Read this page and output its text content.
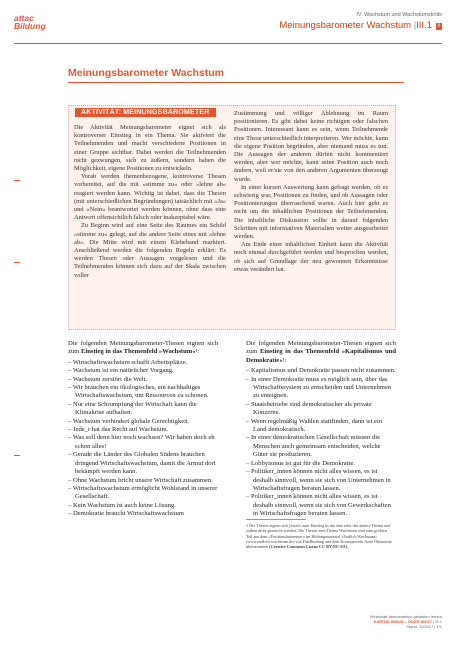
attac
Bildung
IV. Wachstum und Wachstumskritik
Meinungsbarometer Wachstum |III.1 i
Meinungsbarometer Wachstum
AKTIVITÄT: MEINUNGSBAROMETER

Die Aktivität Meinungsbarometer eignet sich als kontroverser Einstieg in ein Thema. Sie aktiviert die Teilnehmenden und macht verschiedene Positionen in einer Gruppe sichtbar. Dabei werden die Teilnehmenden nicht gezwungen, sich zu äußern, sondern haben die Möglichkeit, eigene Positionen zu entwickeln.

Vorab werden themenbezogene, kontroverse Thesen vorbereitet, auf die mit »stimme zu« oder »lehne ab« reagiert werden kann. Wichtig ist dabei, dass die Thesen (mit unterschiedlichen Begründungen) tatsächlich mit »Ja« und »Nein« beantwortet werden können, ohne dass eine Antwort offensichtlich falsch oder inakzeptabel wäre.

Zu Beginn wird auf eine Seite des Raumes ein Schild »stimme zu« gelegt, auf die andere Seite eines mit »lehne ab«. Die Mitte wird mit einem Klebeband markiert. Anschließend werden die folgenden Regeln erklärt: Es werden Thesen oder Aussagen vorgelesen und die Teilnehmenden können sich dazu auf der Skala zwischen voller

Zustimmung und völliger Ablehnung im Raum positionieren. Es gibt dabei keine richtigen oder falschen Positionen. Interessant kann es sein, wenn Teilnehmende eine These unterschiedlich interpretieren. Wer möchte, kann die eigene Position begründen, aber niemand muss es tun. Die Aussagen der anderen dürfen nicht kommentiert werden, aber wer möchte, kann seine Position auch noch ändern, weil er/sie von den anderen Argumenten überzeugt wurde.

In einer kurzen Auswertung kann gefragt werden, ob es schwierig war, Positionen zu finden, und ob Aussagen oder Positionierungen überraschend waren. Auch hier geht es nicht um die inhaltlichen Positionen der Teilnehmenden. Die inhaltliche Diskussion sollte in darauf folgenden Schritten mit informativen Materialien weiter ausgearbeitet werden.

Am Ende einer inhaltlichen Einheit kann die Aktivität noch einmal durchgeführt werden und besprochen werden, ob sich auf Grundlage der neu gewonnen Erkenntnisse etwas verändert hat.

Die folgenden Meinungsbarometer-Thesen eignen sich zum Einstieg in das Themenfeld »Wachstum«¹:

– Wirtschaftswachstum schafft Arbeitsplätze.
– Wachstum ist ein natürlicher Vorgang.
– Wachstum zerstört die Welt.
– Wir brauchen ein ökologisches, ein nachhaltiges Wirtschaftswachstum, um Ressourcen zu schonen.
– Nur eine Schrumpfung der Wirtschaft kann die Klimakrise aufhalten.
– Wachstum verhindert globale Gerechtigkeit.
– Jede_r hat das Recht auf Wachstum.
– Was soll denn hier noch wachsen? Wir haben doch eh schon alles!
– Gerade die Länder des Globalen Südens brauchen dringend Wirtschaftswachstum, damit die Armut dort bekämpft werden kann.
– Ohne Wachstum bricht unsere Wirtschaft zusammen.
– Wirtschaftswachstum ermöglicht Wohlstand in unserer Gesellschaft.
– Kein Wachstum ist auch keine Lösung.
– Demokratie braucht Wirtschaftswachstum

Die folgenden Meinungsbarometer-Thesen eignen sich zum Einstieg in das Themenfeld »Kapitalismus und Demokratie«¹:

– Kapitalismus und Demokratie passen nicht zusammen.
– In einer Demokratie muss es möglich sein, über das Wirtschaftssystem zu entscheiden und Unternehmen zu enteignen.
– Staatsbetriebe sind demokratischer als private Konzerne.
– Wenn regelmäßig Wahlen stattfinden, dann ist ein Land demokratisch.
– In einer demokratischen Gesellschaft müssen die Menschen auch gemeinsam entscheiden, welche Güter sie produzieren.
– Lobbyismus ist gut für die Demokratie.
– Politiker_innen können nicht alles wissen, es ist deshalb sinnvoll, wenn sie sich von Unternehmen in Wirtschaftsfragen beraten lassen.
– Politiker_innen können nicht alles wissen, es ist deshalb sinnvoll, wenn sie sich von Gewerkschaften in Wirtschaftsfragen beraten lassen.
1 Die Thesen eignen sich jeweils zum Einstieg in das eine oder das andere Thema und sollten nicht gemischt werden. Die Thesen zum Thema Wachstum sind zum größten Teil aus dem »Positionsbarometer« im Bildungsmaterial »Endlich Wachstum« (www.endlich-wachstum.de) von FairBindung und dem Konzeptwerk Neue Ökonomie übernommen (Creative Commons Lizenz CC BY-NC-SA).
Wirtschaft demokratisch gestalten lernen
KAPITALISMUS – ODER WAS? | III.1
Stand: 11/2017 | 1/1
